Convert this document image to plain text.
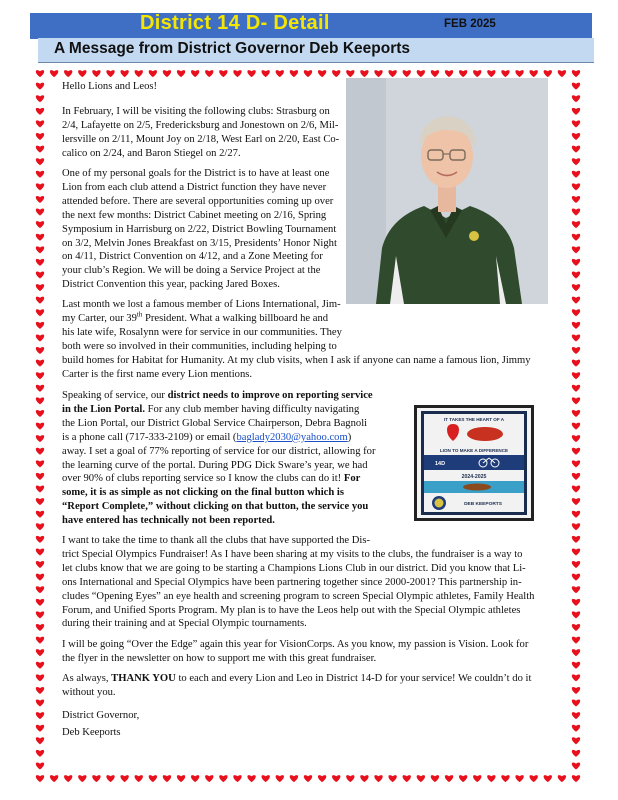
District 14 D- Detail	FEB 2025
A Message from District Governor Deb Keeports
IT TAKES THE HEART OF A
LION TO MAKE A DIFFERENCE
14D
2024-2025
DEB KEEPORTS
Hello Lions and Leos!
In February, I will be visiting the following clubs: Strasburg on
2/4, Lafayette on 2/5, Fredericksburg and Jonestown on 2/6, Mil-
lersville on 2/11, Mount Joy on 2/18, West Earl on 2/20, East Co-
calico on 2/24, and Baron Stiegel on 2/27.
One of my personal goals for the District is to have at least one
Lion from each club attend a District function they have never
attended before. There are several opportunities coming up over
the next few months: District Cabinet meeting on 2/16, Spring
Symposium in Harrisburg on 2/22, District Bowling Tournament
on 3/2, Melvin Jones Breakfast on 3/15, Presidents’ Honor Night
on 4/11, District Convention on 4/12, and a Zone Meeting for
your club’s Region. We will be doing a Service Project at the
District Convention this year, packing Jared Boxes.
Last month we lost a famous member of Lions International, Jim-
my Carter, our 39th President. What a walking billboard he and
his late wife, Rosalynn were for service in our communities. They
both were so involved in their communities, including helping to
build homes for Habitat for Humanity. At my club visits, when I ask if anyone can name a famous lion, Jimmy
Carter is the first name every Lion mentions.
Speaking of service, our district needs to improve on reporting service
in the Lion Portal. For any club member having difficulty navigating
the Lion Portal, our District Global Service Chairperson, Debra Bagnoli
is a phone call (717-333-2109) or email (baglady2030@yahoo.com)
away. I set a goal of 77% reporting of service for our district, allowing for
the learning curve of the portal. During PDG Dick Sware’s year, we had
over 90% of clubs reporting service so I know the clubs can do it! For
some, it is as simple as not clicking on the final button which is
“Report Complete,” without clicking on that button, the service you
have entered has technically not been reported.
I want to take the time to thank all the clubs that have supported the Dis-
trict Special Olympics Fundraiser! As I have been sharing at my visits to the clubs, the fundraiser is a way to
let clubs know that we are going to be starting a Champions Lions Club in our district. Did you know that Li-
ons International and Special Olympics have been partnering together since 2000-2001? This partnership in-
cludes “Opening Eyes” an eye health and screening program to screen Special Olympic athletes, Family Health
Forum, and Unified Sports Program. My plan is to have the Leos help out with the Special Olympic athletes
during their training and at Special Olympic tournaments.
I will be going “Over the Edge” again this year for VisionCorps. As you know, my passion is Vision. Look for
the flyer in the newsletter on how to support me with this great fundraiser.
As always, THANK YOU to each and every Lion and Leo in District 14-D for your service! We couldn’t do it
without you.
District Governor,
Deb Keeports
